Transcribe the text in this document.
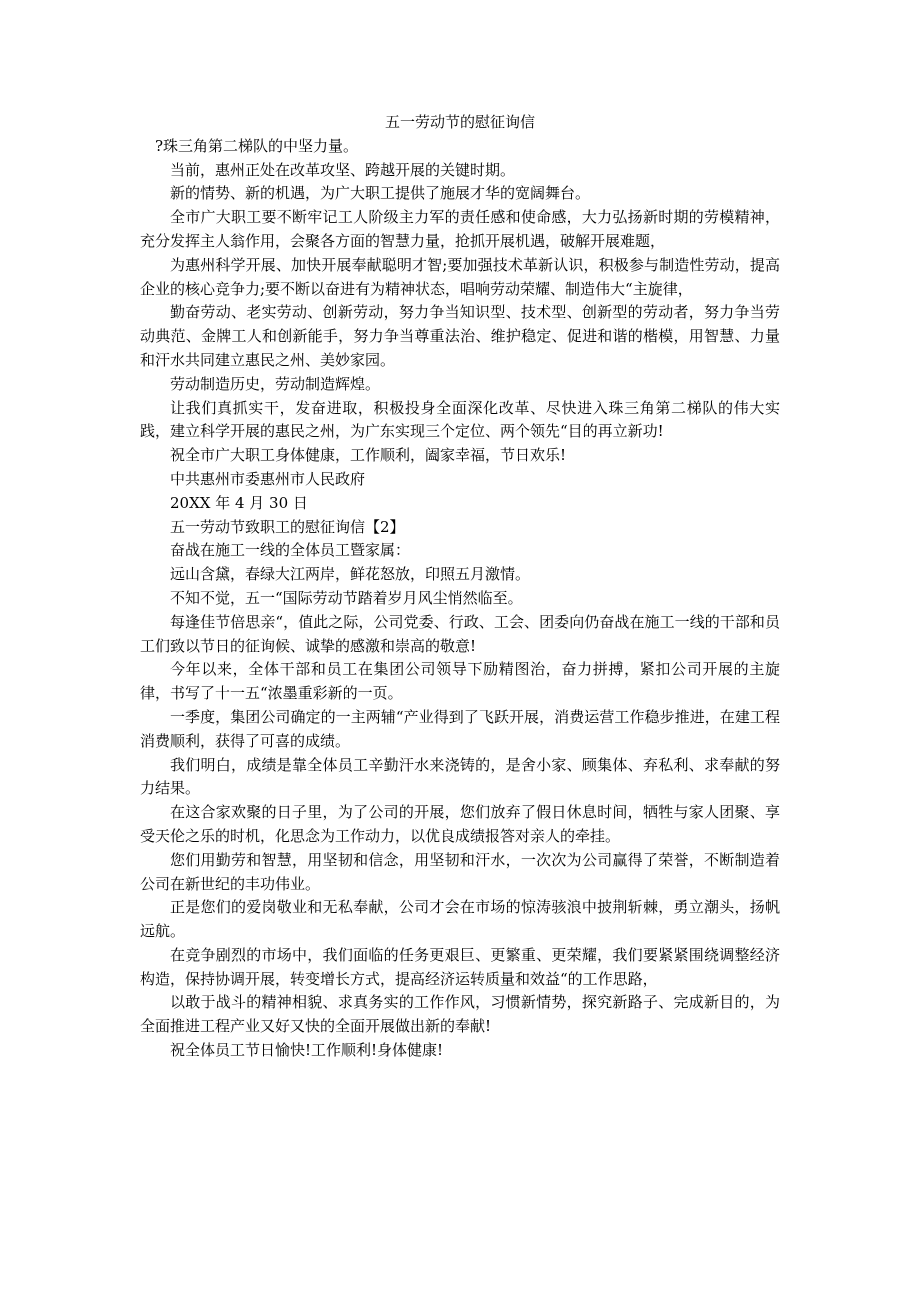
五一劳动节的慰征询信
?珠三角第二梯队的中坚力量。
当前，惠州正处在改革攻坚、跨越开展的关键时期。
新的情势、新的机遇，为广大职工提供了施展才华的宽阔舞台。
全市广大职工要不断牢记工人阶级主力军的责任感和使命感，大力弘扬新时期的劳模精神，充分发挥主人翁作用，会聚各方面的智慧力量，抢抓开展机遇，破解开展难题，
为惠州科学开展、加快开展奉献聪明才智;要加强技术革新认识，积极参与制造性劳动，提高企业的核心竞争力;要不断以奋进有为精神状态，唱响劳动荣耀、制造伟大“主旋律，
勤奋劳动、老实劳动、创新劳动，努力争当知识型、技术型、创新型的劳动者，努力争当劳动典范、金牌工人和创新能手，努力争当尊重法治、维护稳定、促进和谐的楷模，用智慧、力量和汗水共同建立惠民之州、美妙家园。
劳动制造历史，劳动制造辉煌。
让我们真抓实干，发奋进取，积极投身全面深化改革、尽快进入珠三角第二梯队的伟大实践，建立科学开展的惠民之州，为广东实现三个定位、两个领先“目的再立新功!
祝全市广大职工身体健康，工作顺利，阖家幸福，节日欢乐!
中共惠州市委惠州市人民政府
20XX 年 4 月 30 日
五一劳动节致职工的慰征询信【2】
奋战在施工一线的全体员工暨家属：
远山含黛，春绿大江两岸，鲜花怒放，印照五月激情。
不知不觉，五一“国际劳动节踏着岁月风尘悄然临至。
每逢佳节倍思亲“，值此之际，公司党委、行政、工会、团委向仍奋战在施工一线的干部和员工们致以节日的征询候、诚挚的感激和崇高的敬意!
今年以来，全体干部和员工在集团公司领导下励精图治，奋力拼搏，紧扣公司开展的主旋律，书写了十一五“浓墨重彩新的一页。
一季度，集团公司确定的一主两辅“产业得到了飞跃开展，消费运营工作稳步推进，在建工程消费顺利，获得了可喜的成绩。
我们明白，成绩是靠全体员工辛勤汗水来浇铸的，是舍小家、顾集体、弃私利、求奉献的努力结果。
在这合家欢聚的日子里，为了公司的开展，您们放弃了假日休息时间，牺牲与家人团聚、享受天伦之乐的时机，化思念为工作动力，以优良成绩报答对亲人的牵挂。
您们用勤劳和智慧，用坚韧和信念，用坚韧和汗水，一次次为公司赢得了荣誉，不断制造着公司在新世纪的丰功伟业。
正是您们的爱岗敬业和无私奉献，公司才会在市场的惊涛骇浪中披荆斩棘，勇立潮头，扬帆远航。
在竞争剧烈的市场中，我们面临的任务更艰巨、更繁重、更荣耀，我们要紧紧围绕调整经济构造，保持协调开展，转变增长方式，提高经济运转质量和效益“的工作思路，
以敢于战斗的精神相貌、求真务实的工作作风，习惯新情势，探究新路子、完成新目的，为全面推进工程产业又好又快的全面开展做出新的奉献!
祝全体员工节日愉快!工作顺利!身体健康!
